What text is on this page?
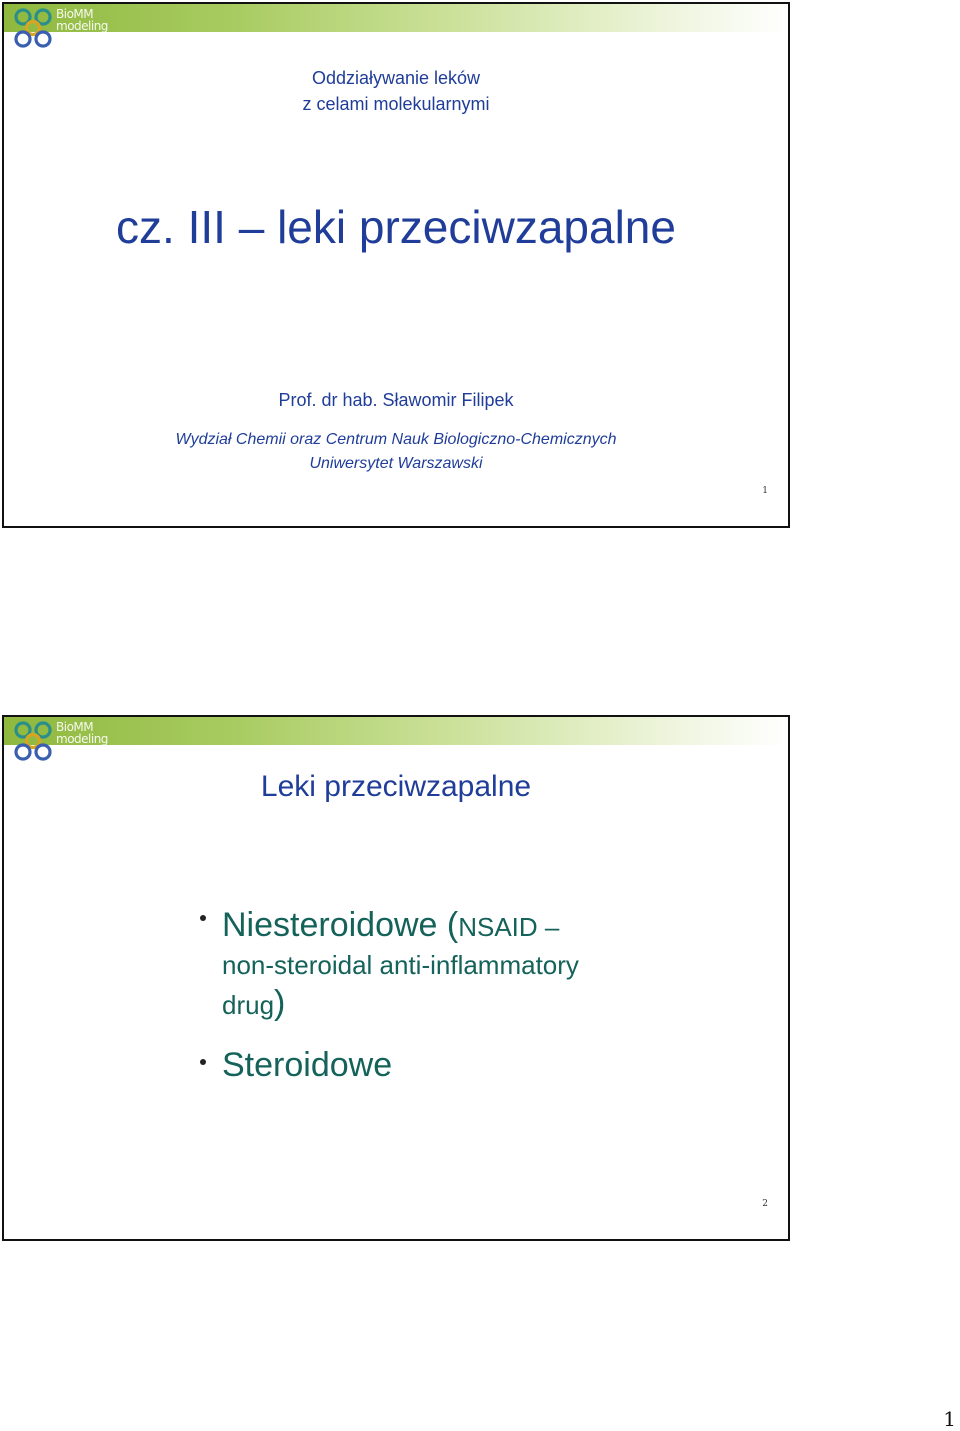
BioMM
modeling
Oddziaływanie leków
z celami molekularnymi
cz. III – leki przeciwzapalne
Prof. dr hab. Sławomir Filipek
Wydział Chemii oraz Centrum Nauk Biologiczno-Chemicznych
Uniwersytet Warszawski
1
BioMM
modeling
Leki przeciwzapalne
Niesteroidowe (NSAID –
non-steroidal anti-inflammatory
drug)
Steroidowe
2
1
